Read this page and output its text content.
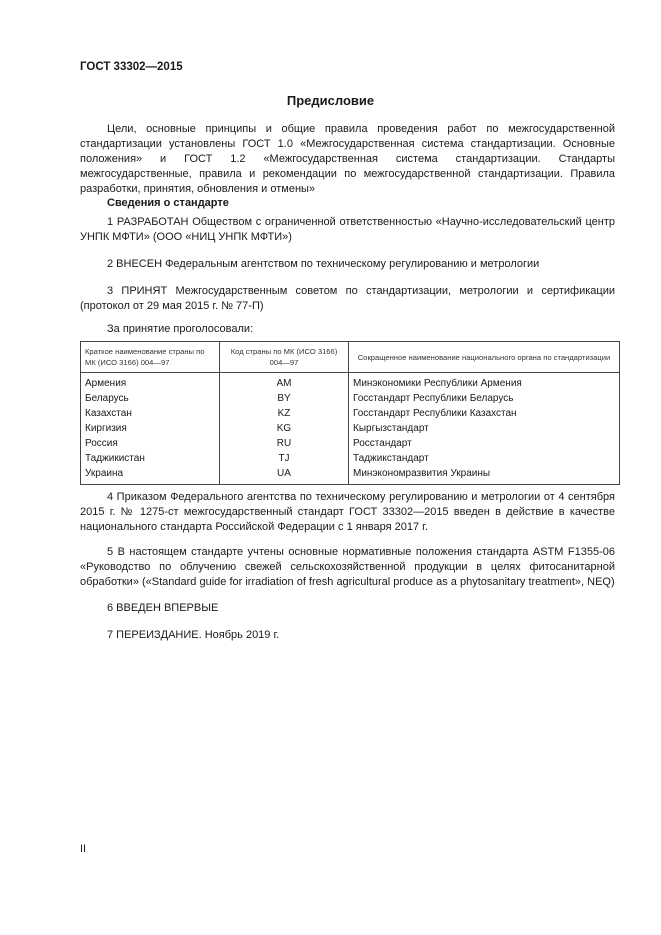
ГОСТ 33302—2015
Предисловие
Цели, основные принципы и общие правила проведения работ по межгосударственной стандартизации установлены ГОСТ 1.0 «Межгосударственная система стандартизации. Основные положения» и ГОСТ 1.2 «Межгосударственная система стандартизации. Стандарты межгосударственные, правила и рекомендации по межгосударственной стандартизации. Правила разработки, принятия, обновления и отмены»
Сведения о стандарте
1 РАЗРАБОТАН Обществом с ограниченной ответственностью «Научно-исследовательский центр УНПК МФТИ» (ООО «НИЦ УНПК МФТИ»)
2 ВНЕСЕН Федеральным агентством по техническому регулированию и метрологии
3 ПРИНЯТ Межгосударственным советом по стандартизации, метрологии и сертификации (протокол от 29 мая 2015 г. № 77-П)
За принятие проголосовали:
Краткое наименование страны по МК (ИСО 3166) 004—97	Код страны по МК (ИСО 3166) 004—97	Сокращенное наименование национального органа по стандартизации
Армения	AM	Минэкономики Республики Армения
Беларусь	BY	Госстандарт Республики Беларусь
Казахстан	KZ	Госстандарт Республики Казахстан
Киргизия	KG	Кыргызстандарт
Россия	RU	Росстандарт
Таджикистан	TJ	Таджикстандарт
Украина	UA	Минэкономразвития Украины
4 Приказом Федерального агентства по техническому регулированию и метрологии от 4 сентября 2015 г. № 1275-ст межгосударственный стандарт ГОСТ 33302—2015 введен в действие в качестве национального стандарта Российской Федерации с 1 января 2017 г.
5 В настоящем стандарте учтены основные нормативные положения стандарта ASTM F1355-06 «Руководство по облучению свежей сельскохозяйственной продукции в целях фитосанитарной обработки» («Standard guide for irradiation of fresh agricultural produce as a phytosanitary treatment», NEQ)
6 ВВЕДЕН ВПЕРВЫЕ
7 ПЕРЕИЗДАНИЕ. Ноябрь 2019 г.
II
